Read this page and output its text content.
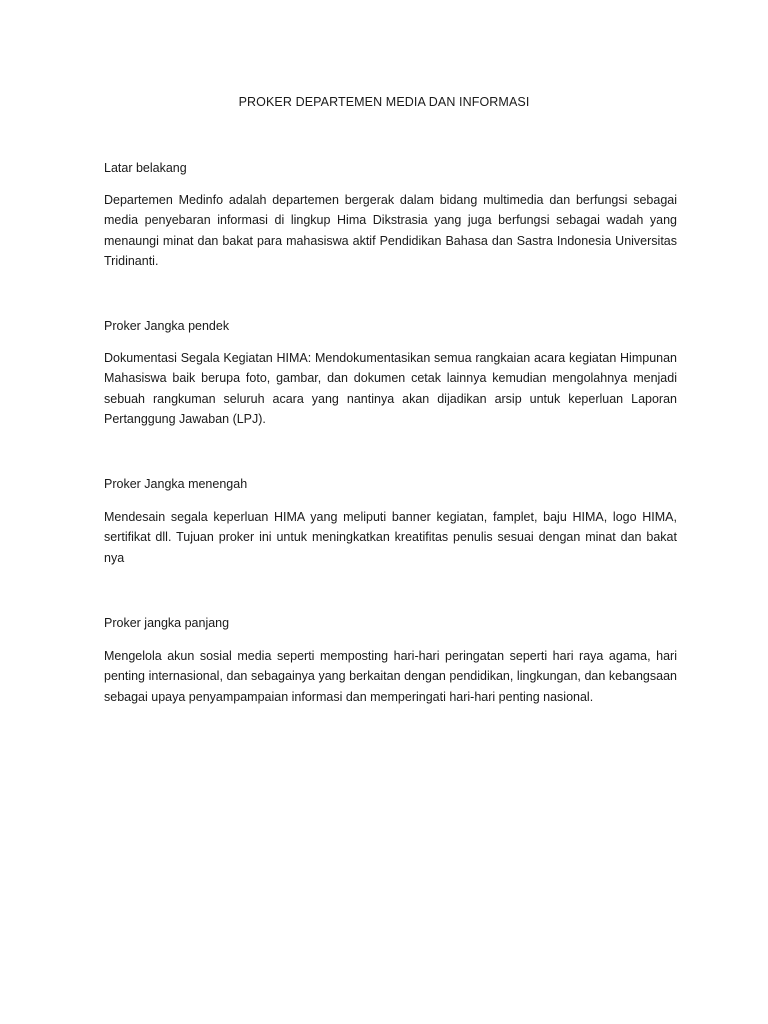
PROKER DEPARTEMEN MEDIA DAN INFORMASI
Latar belakang

Departemen Medinfo adalah departemen bergerak dalam bidang multimedia dan berfungsi sebagai media penyebaran informasi di lingkup Hima Dikstrasia yang juga berfungsi sebagai wadah yang menaungi minat dan bakat para mahasiswa aktif Pendidikan Bahasa dan Sastra Indonesia Universitas Tridinanti.

Proker Jangka pendek

Dokumentasi Segala Kegiatan HIMA: Mendokumentasikan semua rangkaian acara kegiatan Himpunan Mahasiswa baik berupa foto, gambar, dan dokumen cetak lainnya kemudian mengolahnya menjadi sebuah rangkuman seluruh acara yang nantinya akan dijadikan arsip untuk keperluan Laporan Pertanggung Jawaban (LPJ).

Proker Jangka menengah

Mendesain segala keperluan HIMA yang meliputi banner kegiatan, famplet, baju HIMA, logo HIMA, sertifikat dll. Tujuan proker ini untuk meningkatkan kreatifitas penulis sesuai dengan minat dan bakat nya

Proker jangka panjang

Mengelola akun sosial media seperti memposting hari-hari peringatan seperti hari raya agama, hari penting internasional, dan sebagainya yang berkaitan dengan pendidikan, lingkungan, dan kebangsaan sebagai upaya penyampampaian informasi dan memperingati hari-hari penting nasional.
